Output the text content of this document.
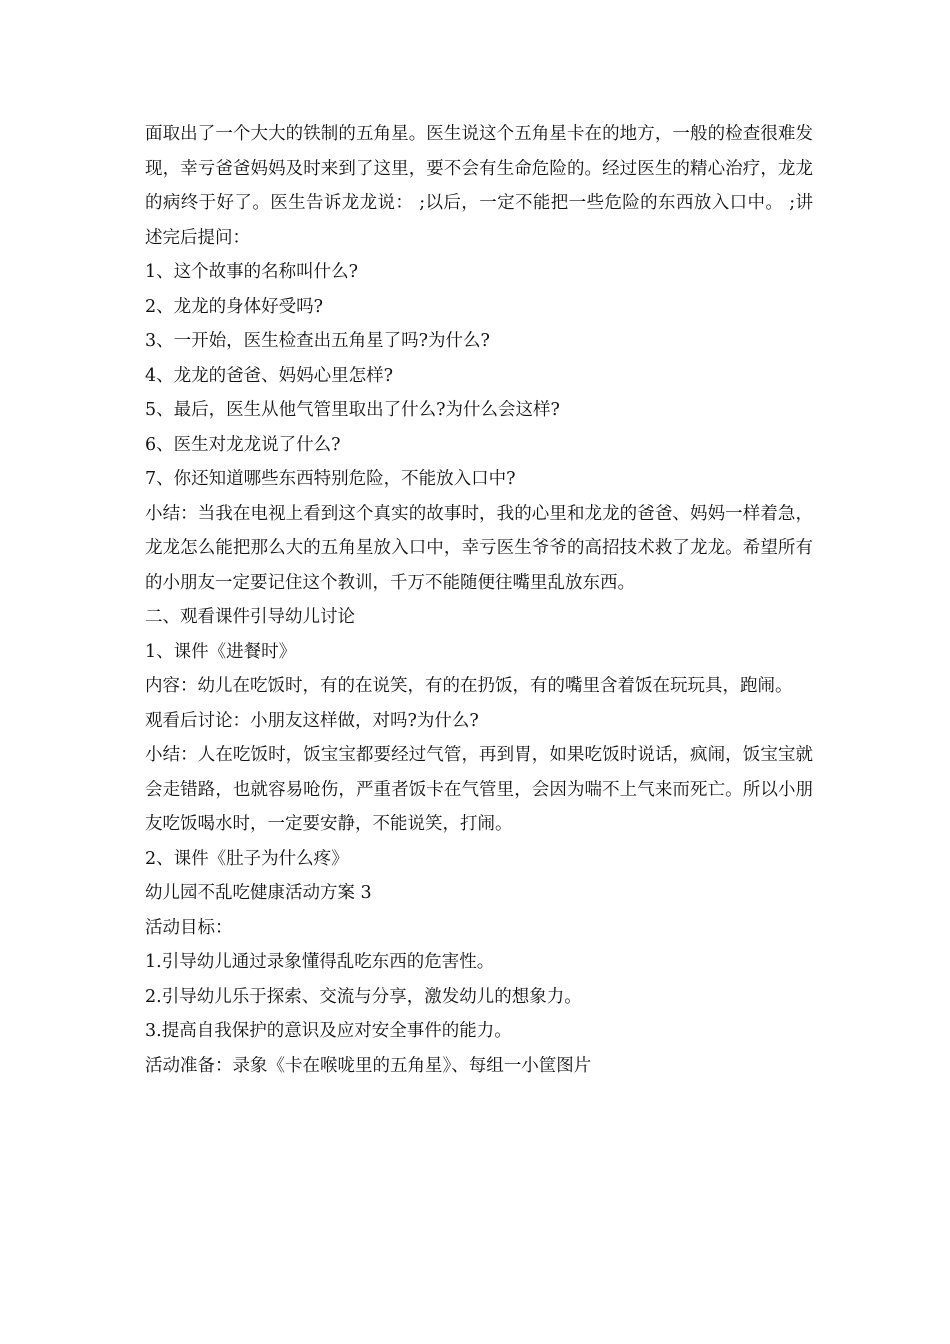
面取出了一个大大的铁制的五角星。医生说这个五角星卡在的地方，一般的检查很难发现，幸亏爸爸妈妈及时来到了这里，要不会有生命危险的。经过医生的精心治疗，龙龙的病终于好了。医生告诉龙龙说： ;以后，一定不能把一些危险的东西放入口中。 ;讲述完后提问：

1、这个故事的名称叫什么?

2、龙龙的身体好受吗?

3、一开始，医生检查出五角星了吗?为什么?

4、龙龙的爸爸、妈妈心里怎样?

5、最后，医生从他气管里取出了什么?为什么会这样?

6、医生对龙龙说了什么?

7、你还知道哪些东西特别危险，不能放入口中?

小结：当我在电视上看到这个真实的故事时，我的心里和龙龙的爸爸、妈妈一样着急，龙龙怎么能把那么大的五角星放入口中，幸亏医生爷爷的高招技术救了龙龙。希望所有的小朋友一定要记住这个教训，千万不能随便往嘴里乱放东西。

二、观看课件引导幼儿讨论

1、课件《进餐时》

内容：幼儿在吃饭时，有的在说笑，有的在扔饭，有的嘴里含着饭在玩玩具，跑闹。

观看后讨论：小朋友这样做，对吗?为什么?

小结：人在吃饭时，饭宝宝都要经过气管，再到胃，如果吃饭时说话，疯闹，饭宝宝就会走错路，也就容易呛伤，严重者饭卡在气管里，会因为喘不上气来而死亡。所以小朋友吃饭喝水时，一定要安静，不能说笑，打闹。

2、课件《肚子为什么疼》

幼儿园不乱吃健康活动方案 3

活动目标：

1.引导幼儿通过录象懂得乱吃东西的危害性。

2.引导幼儿乐于探索、交流与分享，激发幼儿的想象力。

3.提高自我保护的意识及应对安全事件的能力。

活动准备：录象《卡在喉咙里的五角星》、每组一小筐图片
